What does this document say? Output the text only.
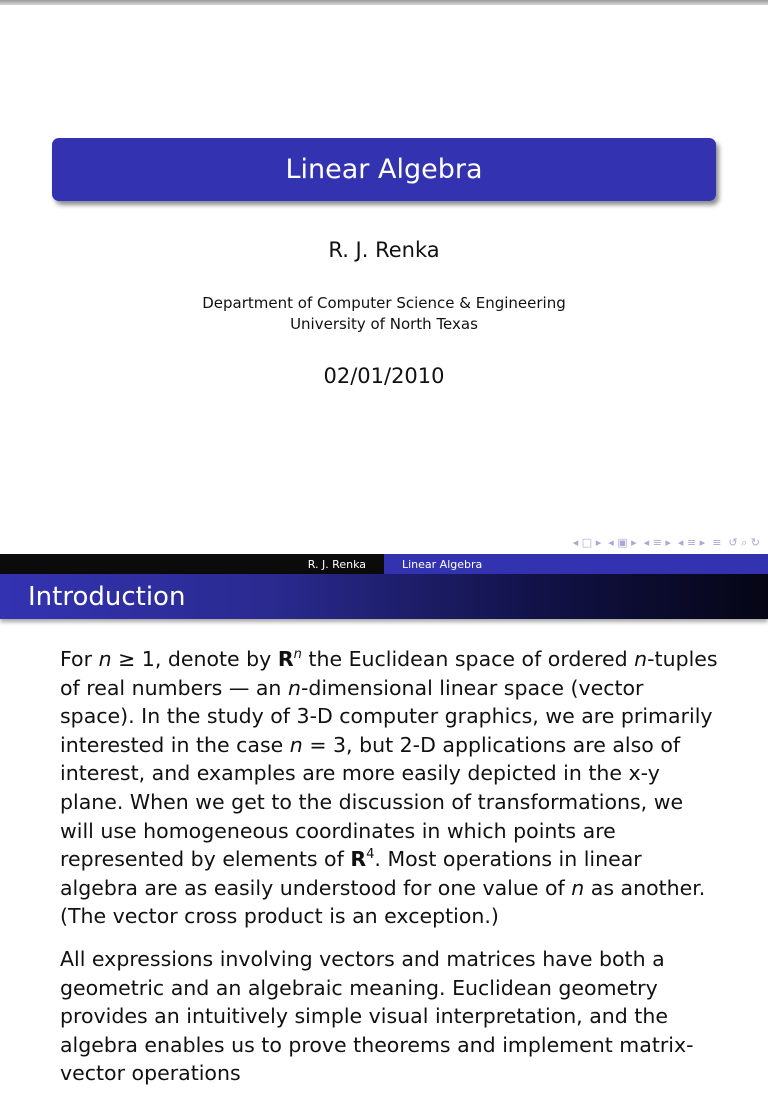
Linear Algebra
R. J. Renka
Department of Computer Science & Engineering
University of North Texas
02/01/2010
◂ □ ▸ ◂ ▣ ▸ ◂ ≡ ▸ ◂ ≡ ▸ ≡ ↺ ⌕ ↻
R. J. Renka	Linear Algebra
Introduction

For n ≥ 1, denote by $R^n$ the Euclidean space of ordered n-tuples of real numbers — an n-dimensional linear space (vector space). In the study of 3-D computer graphics, we are primarily interested in the case n = 3, but 2-D applications are also of interest, and examples are more easily depicted in the x-y plane. When we get to the discussion of transformations, we will use homogeneous coordinates in which points are represented by elements of $R^4$. Most operations in linear algebra are as easily understood for one value of n as another. (The vector cross product is an exception.)

All expressions involving vectors and matrices have both a geometric and an algebraic meaning. Euclidean geometry provides an intuitively simple visual interpretation, and the algebra enables us to prove theorems and implement matrix-vector operations
